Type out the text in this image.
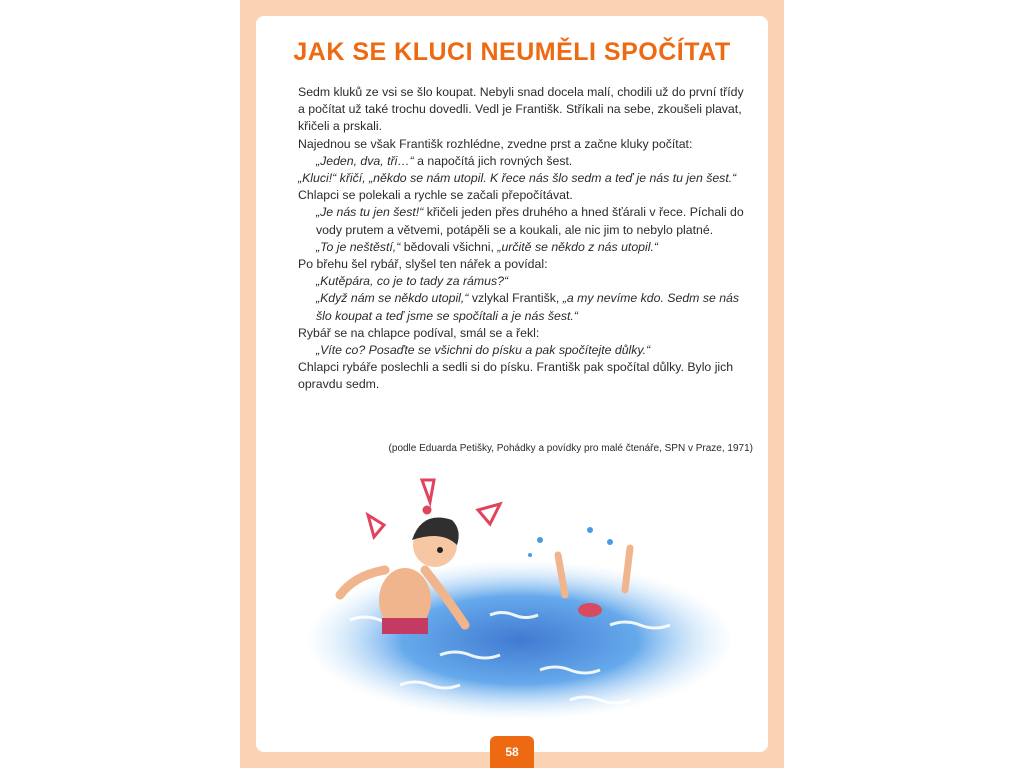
JAK SE KLUCI NEUMĚLI SPOČÍTAT

Sedm kluků ze vsi se šlo koupat. Nebyli snad docela malí, chodili už do první třídy a počítat už také trochu dovedli. Vedl je Františk. Stříkali na sebe, zkoušeli plavat, křičeli a prskali.

Najednou se však Františk rozhlédne, zvedne prst a začne kluky počítat:

„Jeden, dva, tři…“ a napočítá jich rovných šest.

„Kluci!“ křičí, „někdo se nám utopil. K řece nás šlo sedm a teď je nás tu jen šest.“

Chlapci se polekali a rychle se začali přepočítávat.

„Je nás tu jen šest!“ křičeli jeden přes druhého a hned šťárali v řece. Píchali do vody prutem a větvemi, potápěli se a koukali, ale nic jim to nebylo platné.

„To je neštěstí,“ bědovali všichni, „určitě se někdo z nás utopil.“

Po břehu šel rybář, slyšel ten nářek a povídal:

„Kutěpára, co je to tady za rámus?“

„Když nám se někdo utopil,“ vzlykal Františk, „a my nevíme kdo. Sedm se nás šlo koupat a teď jsme se spočítali a je nás šest.“

Rybář se na chlapce podíval, smál se a řekl:

„Víte co? Posaďte se všichni do písku a pak spočítejte důlky.“

Chlapci rybáře poslechli a sedli si do písku. Františk pak spočítal důlky. Bylo jich opravdu sedm.

(podle Eduarda Petišky, Pohádky a povídky pro malé čtenáře, SPN v Praze, 1971)

58
